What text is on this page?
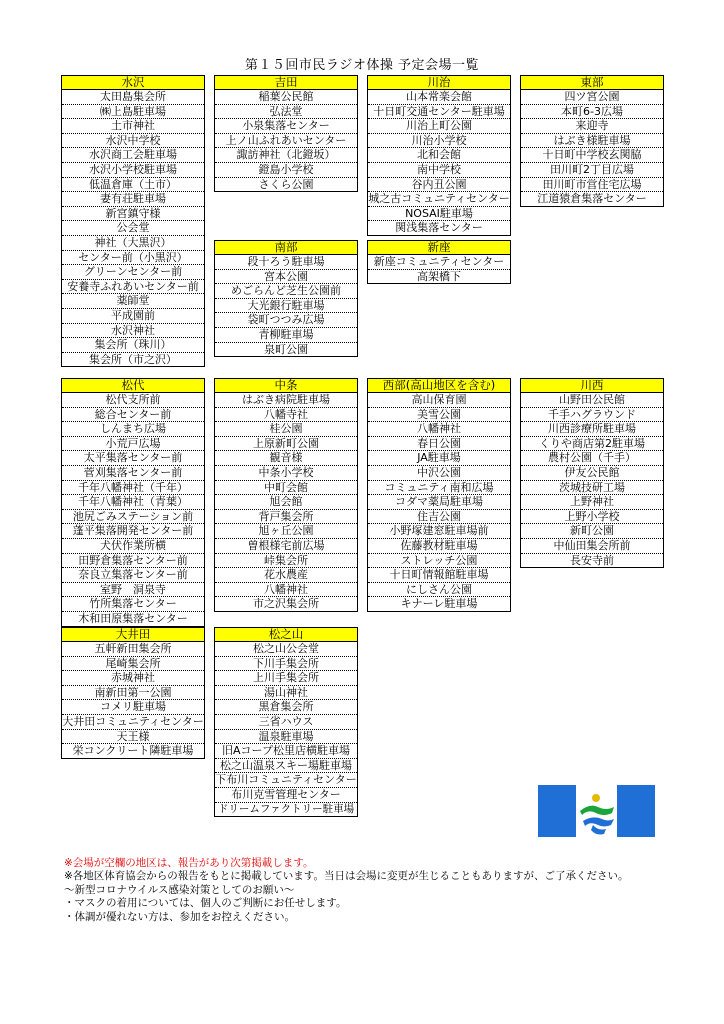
第１５回市民ラジオ体操 予定会場一覧
水沢
太田島集会所
㈱上島駐車場
土市神社
水沢中学校
水沢商工会駐車場
水沢小学校駐車場
低温倉庫（土市）
妻有荘駐車場
新宮鎮守様
公会堂
神社（大黒沢）
センター前（小黒沢）
グリーンセンター前
安養寺ふれあいセンター前
薬師堂
平成園前
水沢神社
集会所（珠川）
集会所（市之沢）
吉田
稲葉公民館
弘法堂
小泉集落センター
上ノ山ふれあいセンター
諏訪神社（北鐙坂）
鐙島小学校
さくら公園
川治
山本常楽会館
十日町交通センター駐車場
川治上町公園
川治小学校
北和会館
南中学校
谷内丑公園
城之古コミュニティセンター
NOSAI駐車場
関浅集落センター
東部
四ツ宮公園
本町6-3広場
来迎寺
はぶき様駐車場
十日町中学校玄関脇
田川町2丁目広場
田川町市営住宅広場
江道猿倉集落センター
南部
段十ろう駐車場
宮本公園
めごらんど芝生公園前
大光銀行駐車場
袋町つつみ広場
青柳駐車場
泉町公園
新座
新座コミュニティセンター
高架橋下
松代
松代支所前
総合センター前
しんまち広場
小荒戸広場
太平集落センター前
菅刈集落センター前
千年八幡神社（千年）
千年八幡神社（青葉）
池尻ごみステーション前
蓬平集落開発センター前
犬伏作業所横
田野倉集落センター前
奈良立集落センター前
室野　洞泉寺
竹所集落センター
木和田原集落センター
中条
はぶき病院駐車場
八幡寺社
桂公園
上原新町公園
観音様
中条小学校
中町会館
旭会館
背戸集会所
旭ヶ丘公園
曽根様宅前広場
峠集会所
花水農産
八幡神社
市之沢集会所
西部(高山地区を含む)
高山保育園
美雪公園
八幡神社
春日公園
JA駐車場
中沢公園
コミュニティ南和広場
コダマ薬局駐車場
住吉公園
小野塚建窓駐車場前
佐藤教材駐車場
ストレッチ公園
十日町情報館駐車場
にしさん公園
キナーレ駐車場
川西
山野田公民館
千手ハグラウンド
川西診療所駐車場
くりや商店第2駐車場
農村公園（千手）
伊友公民館
茨城技研工場
上野神社
上野小学校
新町公園
中仙田集会所前
長安寺前
大井田
五軒新田集会所
尾崎集会所
赤城神社
南新田第一公園
コメリ駐車場
大井田コミュニティセンター
天王様
栄コンクリート隣駐車場
松之山
松之山公会堂
下川手集会所
上川手集会所
湯山神社
黒倉集会所
三省ハウス
温泉駐車場
旧Aコープ松里店横駐車場
松之山温泉スキー場駐車場
下布川コミュニティセンター
布川克雪管理センター
ドリームファクトリー駐車場
※会場が空欄の地区は、報告があり次第掲載します。
※各地区体育協会からの報告をもとに掲載しています。当日は会場に変更が生じることもありますが、ご了承ください。
～新型コロナウイルス感染対策としてのお願い～
・マスクの着用については、個人のご判断にお任せします。
・体調が優れない方は、参加をお控えください。
